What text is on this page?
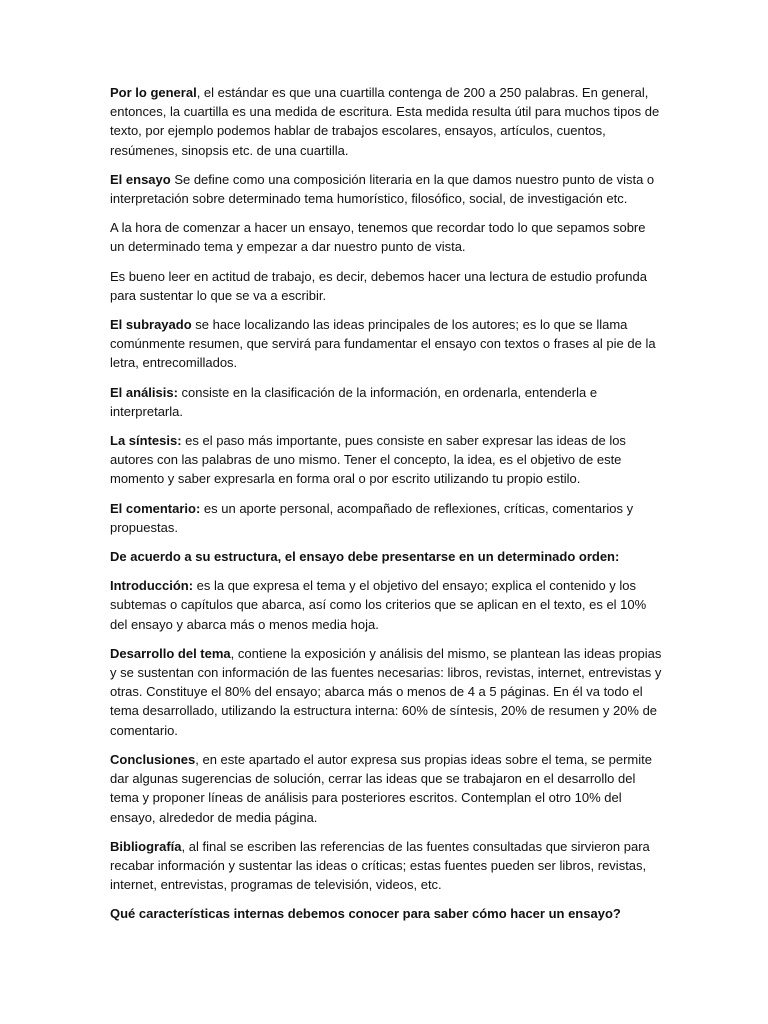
Por lo general, el estándar es que una cuartilla contenga de 200 a 250 palabras. En general, entonces, la cuartilla es una medida de escritura. Esta medida resulta útil para muchos tipos de texto, por ejemplo podemos hablar de trabajos escolares, ensayos, artículos, cuentos, resúmenes, sinopsis etc. de una cuartilla.

El ensayo Se define como una composición literaria en la que damos nuestro punto de vista o interpretación sobre determinado tema humorístico, filosófico, social, de investigación etc.

A la hora de comenzar a hacer un ensayo, tenemos que recordar todo lo que sepamos sobre un determinado tema y empezar a dar nuestro punto de vista.

Es bueno leer en actitud de trabajo, es decir, debemos hacer una lectura de estudio profunda para sustentar lo que se va a escribir.

El subrayado se hace localizando las ideas principales de los autores; es lo que se llama comúnmente resumen, que servirá para fundamentar el ensayo con textos o frases al pie de la letra, entrecomillados.

El análisis: consiste en la clasificación de la información, en ordenarla, entenderla e interpretarla.

La síntesis: es el paso más importante, pues consiste en saber expresar las ideas de los autores con las palabras de uno mismo. Tener el concepto, la idea, es el objetivo de este momento y saber expresarla en forma oral o por escrito utilizando tu propio estilo.

El comentario: es un aporte personal, acompañado de reflexiones, críticas, comentarios y propuestas.

De acuerdo a su estructura, el ensayo debe presentarse en un determinado orden:

Introducción: es la que expresa el tema y el objetivo del ensayo; explica el contenido y los subtemas o capítulos que abarca, así como los criterios que se aplican en el texto, es el 10% del ensayo y abarca más o menos media hoja.

Desarrollo del tema, contiene la exposición y análisis del mismo, se plantean las ideas propias y se sustentan con información de las fuentes necesarias: libros, revistas, internet, entrevistas y otras. Constituye el 80% del ensayo; abarca más o menos de 4 a 5 páginas. En él va todo el tema desarrollado, utilizando la estructura interna: 60% de síntesis, 20% de resumen y 20% de comentario.

Conclusiones, en este apartado el autor expresa sus propias ideas sobre el tema, se permite dar algunas sugerencias de solución, cerrar las ideas que se trabajaron en el desarrollo del tema y proponer líneas de análisis para posteriores escritos. Contemplan el otro 10% del ensayo, alrededor de media página.

Bibliografía, al final se escriben las referencias de las fuentes consultadas que sirvieron para recabar información y sustentar las ideas o críticas; estas fuentes pueden ser libros, revistas, internet, entrevistas, programas de televisión, videos, etc.

Qué características internas debemos conocer para saber cómo hacer un ensayo?
